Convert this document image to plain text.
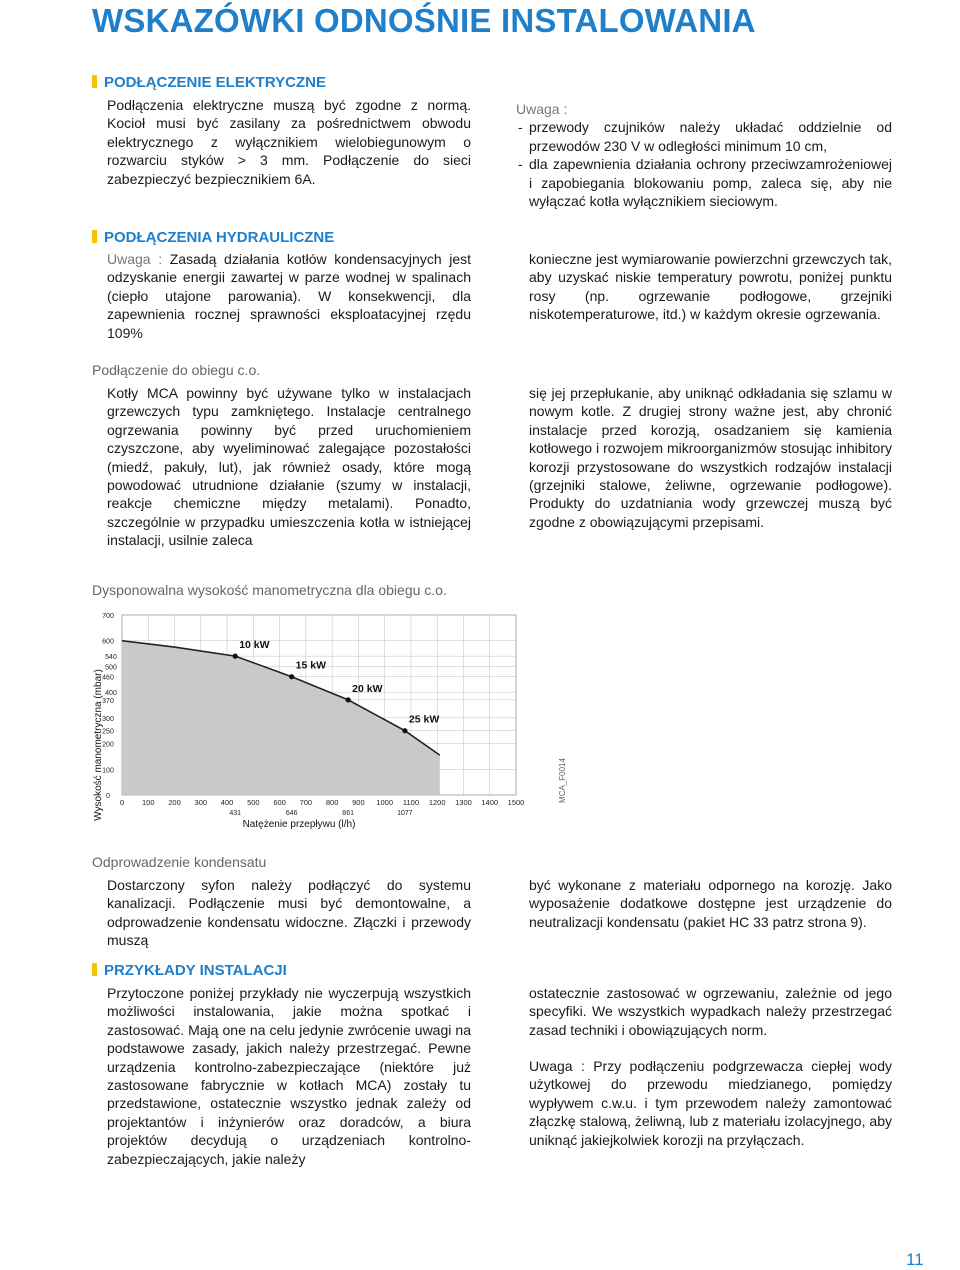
WSKAZÓWKI ODNOŚNIE INSTALOWANIA
PODŁĄCZENIE ELEKTRYCZNE

Podłączenia elektryczne muszą być zgodne z normą. Kocioł musi być zasilany za pośrednictwem obwodu elektrycznego z wyłącznikiem wielobiegunowym o rozwarciu styków > 3 mm. Podłączenie do sieci zabezpieczyć bezpiecznikiem 6A.

Uwaga :
- przewody czujników należy układać oddzielnie od przewodów 230 V w odległości minimum 10 cm,
- dla zapewnienia działania ochrony przeciwzamrożeniowej i zapobiegania blokowaniu pomp, zaleca się, aby nie wyłączać kotła wyłącznikiem sieciowym.
PODŁĄCZENIA HYDRAULICZNE

Uwaga : Zasadą działania kotłów kondensacyjnych jest odzyskanie energii zawartej w parze wodnej w spalinach (ciepło utajone parowania). W konsekwencji, dla zapewnienia rocznej sprawności eksploatacyjnej rzędu 109%

konieczne jest wymiarowanie powierzchni grzewczych tak, aby uzyskać niskie temperatury powrotu, poniżej punktu rosy (np. ogrzewanie podłogowe, grzejniki niskotemperaturowe, itd.) w każdym okresie ogrzewania.

Podłączenie do obiegu c.o.

Kotły MCA powinny być używane tylko w instalacjach grzewczych typu zamkniętego. Instalacje centralnego ogrzewania powinny być przed uruchomieniem czyszczone, aby wyeliminować zalegające pozostałości (miedź, pakuły, lut), jak również osady, które mogą powodować utrudnione działanie (szumy w instalacji, reakcje chemiczne między metalami). Ponadto, szczególnie w przypadku umieszczenia kotła w istniejącej instalacji, usilnie zaleca

się jej przepłukanie, aby uniknąć odkładania się szlamu w nowym kotle. Z drugiej strony ważne jest, aby chronić instalacje przed korozją, osadzaniem się kamienia kotłowego i rozwojem mikroorganizmów stosując inhibitory korozji przystosowane do wszystkich rodzajów instalacji (grzejniki stalowe, żeliwne, ogrzewanie podłogowe). Produkty do uzdatniania wody grzewczej muszą być zgodne z obowiązującymi przepisami.

Dysponowalna wysokość manometryczna dla obiegu c.o.
0 100 200 300 400 500 600 700 800 900 1000 1100 1200 1300 1400 1500
431	646	861	1077
0
100
200
250
300
370
400
460
500
540
600
700
10 kW
15 kW
20 kW
25 kW
Natężenie przepływu (l/h)
Wysokość manometryczna (mbar)	MCA_F0014
Odprowadzenie kondensatu

Dostarczony syfon należy podłączyć do systemu kanalizacji. Podłączenie musi być demontowalne, a odprowadzenie kondensatu widoczne. Złączki i przewody muszą

być wykonane z materiału odpornego na korozję. Jako wyposażenie dodatkowe dostępne jest urządzenie do neutralizacji kondensatu (pakiet HC 33 patrz strona 9).

PRZYKŁADY INSTALACJI

Przytoczone poniżej przykłady nie wyczerpują wszystkich możliwości instalowania, jakie można spotkać i zastosować. Mają one na celu jedynie zwrócenie uwagi na podstawowe zasady, jakich należy przestrzegać. Pewne urządzenia kontrolno-zabezpieczające (niektóre już zastosowane fabrycznie w kotłach MCA) zostały tu przedstawione, ostatecznie wszystko jednak zależy od projektantów i inżynierów oraz doradców, a biura projektów decydują o urządzeniach kontrolno-zabezpieczających, jakie należy

ostatecznie zastosować w ogrzewaniu, zależnie od jego specyfiki. We wszystkich wypadkach należy przestrzegać zasad techniki i obowiązujących norm.

Uwaga : Przy podłączeniu podgrzewacza ciepłej wody użytkowej do przewodu miedzianego, pomiędzy wypływem c.w.u. i tym przewodem należy zamontować złączkę stalową, żeliwną, lub z materiału izolacyjnego, aby uniknąć jakiejkolwiek korozji na przyłączach.

11
